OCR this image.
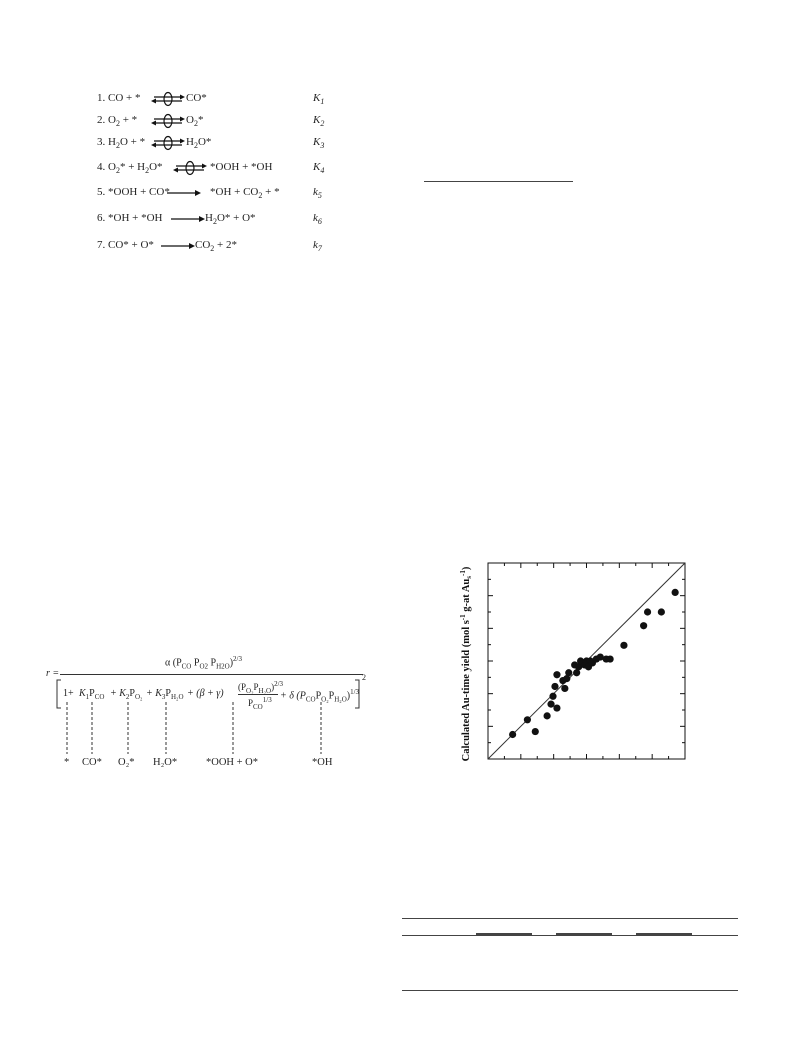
1. CO + * ⇌ CO*	$K_1$
2. $O_2$ + * ⇌ $O_2*$	$K_2$
3. $H_2O$ + * ⇌ $H_2O*$	$K_3$
4. $O_2* + H_2O*$ ⇌ *OOH + *OH	$K_4$
5. *OOH + CO*	$*OH + CO_2$ + *	$k_5$
6. *OH + *OH	$H_2O* + O*$	$k_6$
7. CO* + O*	$CO_2 + 2*$	$k_7$
r =
α ($P_{CO}$ $P_{O2}$ $P_{H2O})^{2/3}$
2
$1+ K_1P_{CO} + K_2P_{O_2} + K_3P_{H_2O} + (\beta + \gamma)$
$(P_{O_2}P_{H_2O})^{2/3}$
$P_{CO}^{1/3} + \delta$ $(P_{CO}P_{O_2}P_{H_2O})^{1/3}$
* CO* O₂* H₂O*	*OOH + O*	*OH
Calculated Au-time yield (mol $s^{-1}$ g-at Aus$^{-1}$)
